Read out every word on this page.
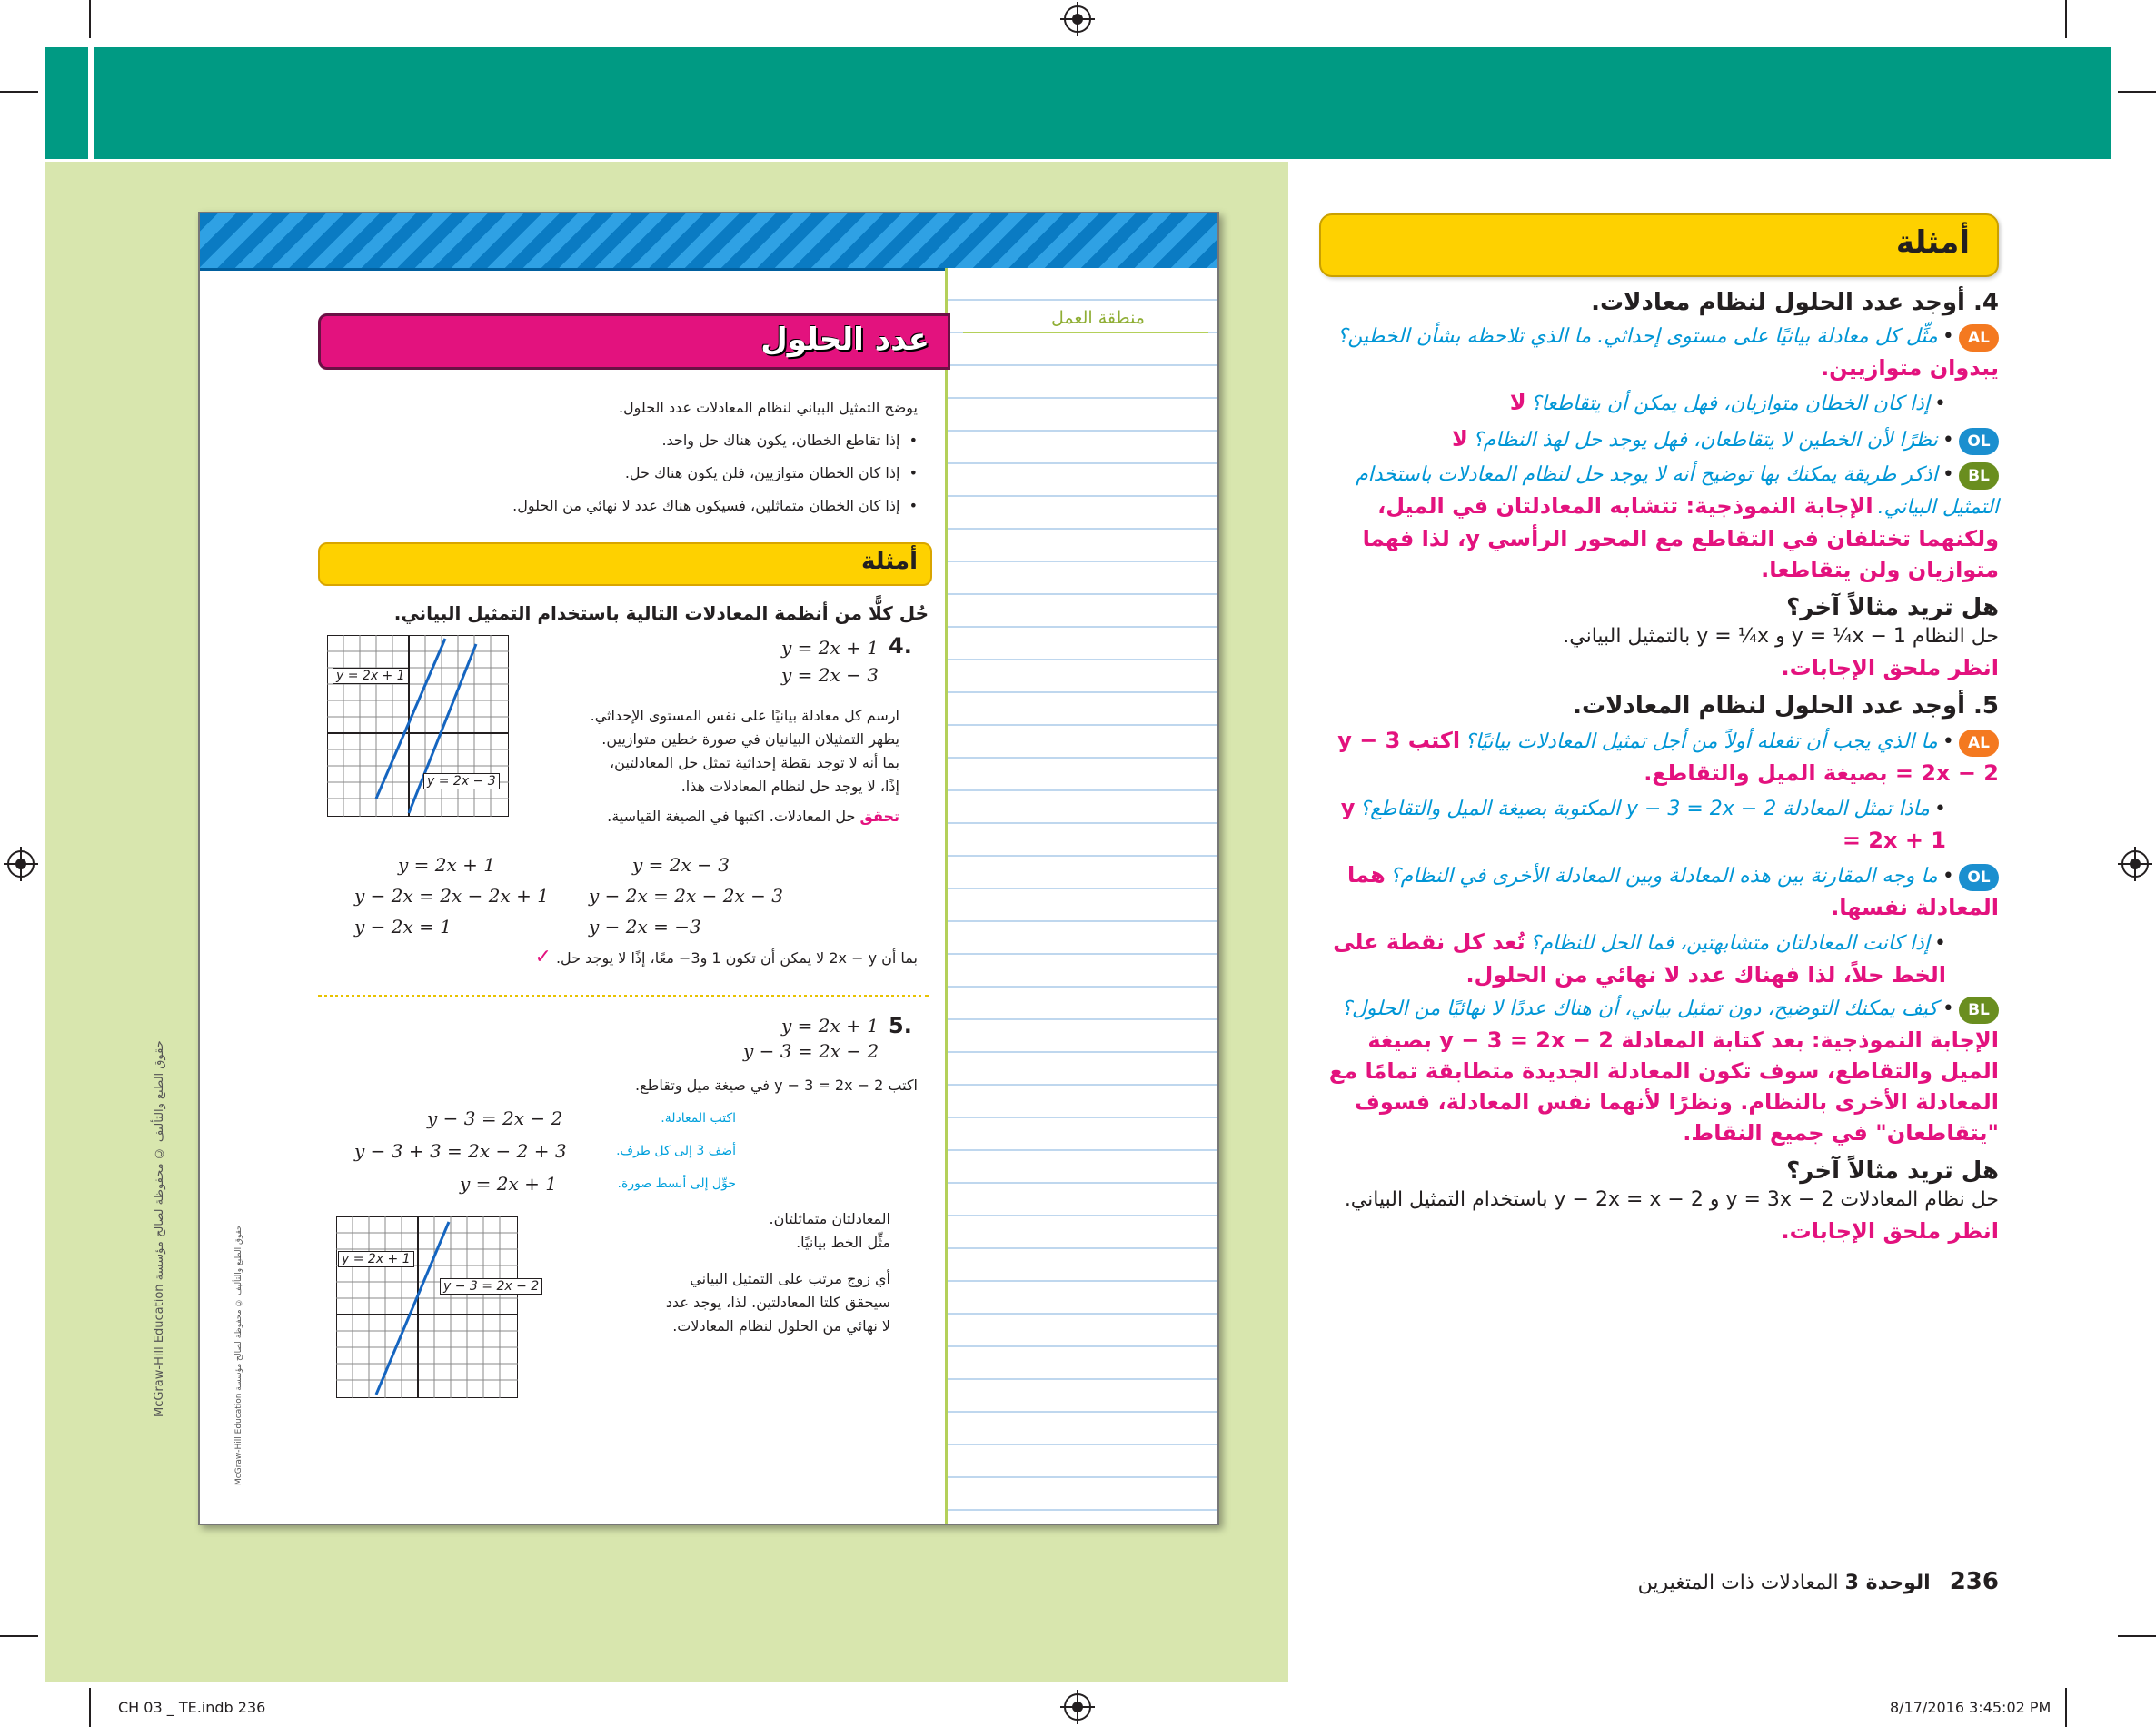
McGraw-Hill Education حقوق الطبع والتأليف © محفوظة لصالح مؤسسة
منطقة العمل
عدد الحلول
يوضح التمثيل البياني لنظام المعادلات عدد الحلول.
•  إذا تقاطع الخطان، يكون هناك حل واحد.
•  إذا كان الخطان متوازيين، فلن يكون هناك حل.
•  إذا كان الخطان متماثلين، فسيكون هناك عدد لا نهائي من الحلول.
أمثلة
حُل كلًّا من أنظمة المعادلات التالية باستخدام التمثيل البياني.
4.
y = 2x + 1
y = 2x − 3
y = 2x + 1
y = 2x − 3
ارسم كل معادلة بيانيًا على نفس المستوى الإحداثي.
يظهر التمثيلان البيانيان في صورة خطين متوازيين.
بما أنه لا توجد نقطة إحداثية تمثل حل المعادلتين،
إذًا، لا يوجد حل لنظام المعادلات هذا.
تحقق حل المعادلات. اكتبها في الصيغة القياسية.
y = 2x + 1
y − 2x = 2x − 2x + 1
y − 2x = 1
y = 2x − 3
y − 2x = 2x − 2x − 3
y − 2x = −3
بما أن 2x − y لا يمكن أن تكون 1 و3− معًا، إذًا لا يوجد حل. ✓
5.
y = 2x + 1
y − 3 = 2x − 2
اكتب 2 − y − 3 = 2x في صيغة ميل وتقاطع.
y − 3 = 2x − 2	اكتب المعادلة.
y − 3 + 3 = 2x − 2 + 3	أضف 3 إلى كل طرف.
y = 2x + 1	حوِّل إلى أبسط صورة.
McGraw-Hill Education حقوق الطبع والتأليف © محفوظة لصالح مؤسسة	y = 2x + 1
y − 3 = 2x − 2
المعادلتان متماثلتان.
مثِّل الخط بيانيًا.
أي زوج مرتب على التمثيل البياني
سيحقق كلتا المعادلتين. لذا، يوجد عدد
لا نهائي من الحلول لنظام المعادلات.
أمثلة
4. أوجد عدد الحلول لنظام معادلات.
AL • مثِّل كل معادلة بيانيًا على مستوى إحداثي. ما الذي تلاحظه بشأن الخطين؟ يبدوان متوازيين.
• إذا كان الخطان متوازيان، فهل يمكن أن يتقاطعا؟ لا
OL • نظرًا لأن الخطين لا يتقاطعان، فهل يوجد حل لهذ النظام؟ لا
BL • اذكر طريقة يمكنك بها توضيح أنه لا يوجد حل لنظام المعادلات باستخدام التمثيل البياني. الإجابة النموذجية: تتشابه المعادلتان في الميل، ولكنهما تختلفان في التقاطع مع المحور الرأسي y، لذا فهما متوازيان ولن يتقاطعا.
هل تريد مثالاً آخر؟
حل النظام y = ¼x − 1 و y = ¼x بالتمثيل البياني.
انظر ملحق الإجابات.
5. أوجد عدد الحلول لنظام المعادلات.
AL • ما الذي يجب أن تفعله أولاً من أجل تمثيل المعادلات بيانيًا؟ اكتب y − 3 = 2x − 2 بصيغة الميل والتقاطع.
• ماذا تمثل المعادلة y − 3 = 2x − 2 المكتوبة بصيغة الميل والتقاطع؟ y = 2x + 1
OL • ما وجه المقارنة بين هذه المعادلة وبين المعادلة الأخرى في النظام؟ هما المعادلة نفسها.
• إذا كانت المعادلتان متشابهتين، فما الحل للنظام؟ تُعد كل نقطة على الخط حلاً، لذا فهناك عدد لا نهائي من الحلول.
BL • كيف يمكنك التوضيح، دون تمثيل بياني، أن هناك عددًا لا نهائيًا من الحلول؟ الإجابة النموذجية: بعد كتابة المعادلة y − 3 = 2x − 2 بصيغة الميل والتقاطع، سوف تكون المعادلة الجديدة متطابقة تمامًا مع المعادلة الأخرى بالنظام. ونظرًا لأنهما نفس المعادلة، فسوف "يتقاطعان" في جميع النقاط.
هل تريد مثالاً آخر؟
حل نظام المعادلات y = 3x − 2 و y − 2x = x − 2 باستخدام التمثيل البياني.
انظر ملحق الإجابات.
236   الوحدة 3 المعادلات ذات المتغيرين
CH 03 _ TE.indb 236	8/17/2016 3:45:02 PM
